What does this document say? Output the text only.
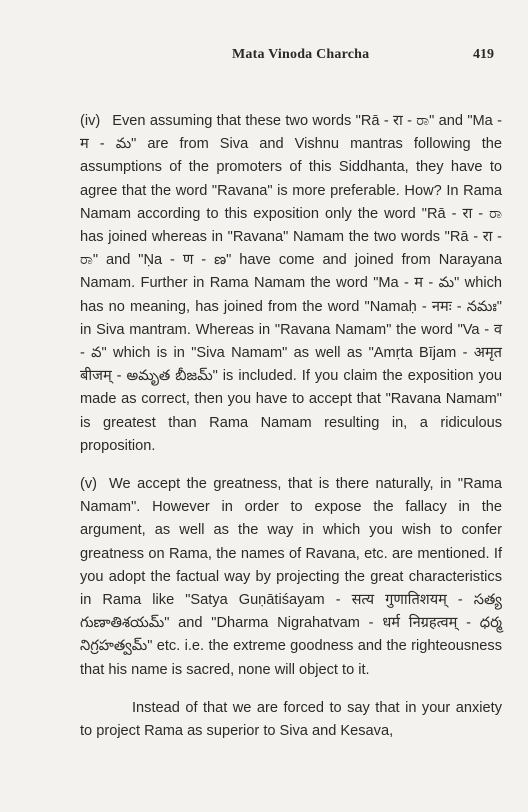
Mata Vinoda Charcha	419

(iv) Even assuming that these two words "Rā - रा - ರಾ" and "Ma - म - మ" are from Siva and Vishnu mantras following the assumptions of the promoters of this Siddhanta, they have to agree that the word "Ravana" is more preferable. How? In Rama Namam according to this exposition only the word "Rā - रा - ರಾ has joined whereas in "Ravana" Namam the two words "Rā - रा - ರಾ" and "Ṇa - ण - ణ" have come and joined from Narayana Namam. Further in Rama Namam the word "Ma - म - మ" which has no meaning, has joined from the word "Namaḥ - नमः - నమః" in Siva mantram. Whereas in "Ravana Namam" the word "Va - व - వ" which is in "Siva Namam" as well as "Amṛta Bījam - अमृत बीजम् - అమృత బీజమ్" is included. If you claim the exposition you made as correct, then you have to accept that "Ravana Namam" is greatest than Rama Namam resulting in, a ridiculous proposition.

(v) We accept the greatness, that is there naturally, in "Rama Namam". However in order to expose the fallacy in the argument, as well as the way in which you wish to confer greatness on Rama, the names of Ravana, etc. are mentioned. If you adopt the factual way by projecting the great characteristics in Rama like "Satya Guṇātiśayam - सत्य गुणातिशयम् - సత్య గుణాతిశయమ్" and "Dharma Nigrahatvam - धर्म निग्रहत्वम् - ధర్మ నిగ్రహత్వమ్" etc. i.e. the extreme goodness and the righteousness that his name is sacred, none will object to it.

Instead of that we are forced to say that in your anxiety to project Rama as superior to Siva and Kesava,
